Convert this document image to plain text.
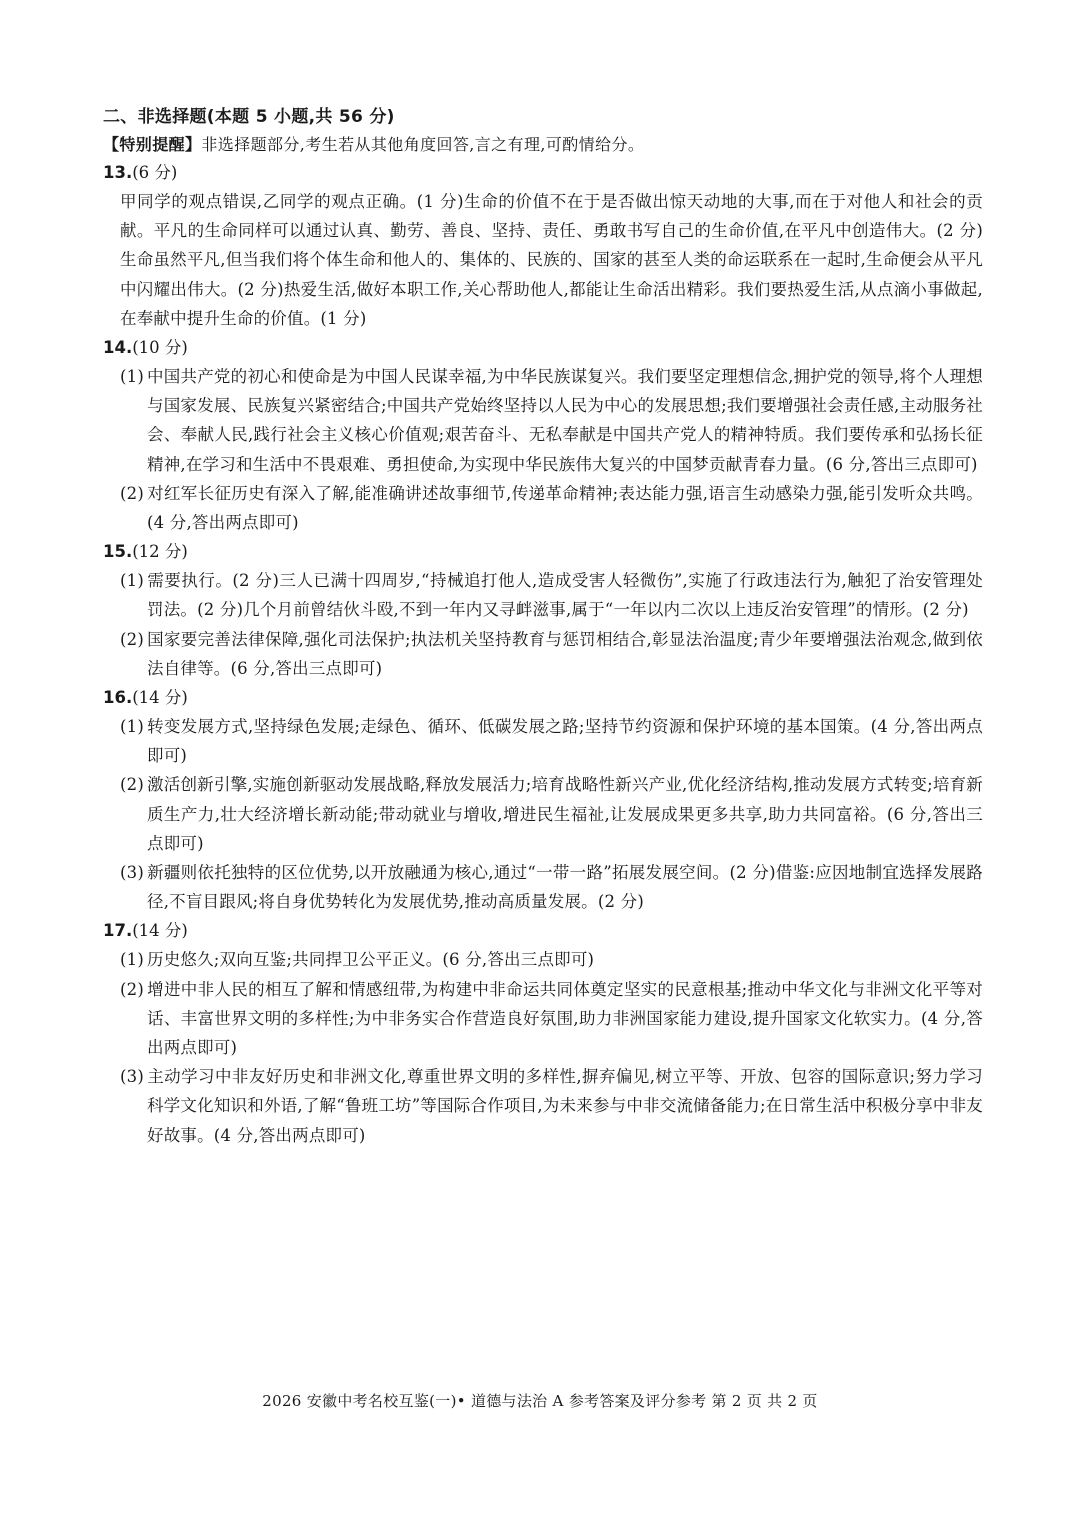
二、非选择题(本题 5 小题,共 56 分)

【特别提醒】非选择题部分,考生若从其他角度回答,言之有理,可酌情给分。

13.(6 分)

甲同学的观点错误,乙同学的观点正确。(1 分)生命的价值不在于是否做出惊天动地的大事,而在于对他人和社会的贡献。平凡的生命同样可以通过认真、勤劳、善良、坚持、责任、勇敢书写自己的生命价值,在平凡中创造伟大。(2 分)生命虽然平凡,但当我们将个体生命和他人的、集体的、民族的、国家的甚至人类的命运联系在一起时,生命便会从平凡中闪耀出伟大。(2 分)热爱生活,做好本职工作,关心帮助他人,都能让生命活出精彩。我们要热爱生活,从点滴小事做起,在奉献中提升生命的价值。(1 分)

14.(10 分)

(1) 中国共产党的初心和使命是为中国人民谋幸福,为中华民族谋复兴。我们要坚定理想信念,拥护党的领导,将个人理想与国家发展、民族复兴紧密结合;中国共产党始终坚持以人民为中心的发展思想;我们要增强社会责任感,主动服务社会、奉献人民,践行社会主义核心价值观;艰苦奋斗、无私奉献是中国共产党人的精神特质。我们要传承和弘扬长征精神,在学习和生活中不畏艰难、勇担使命,为实现中华民族伟大复兴的中国梦贡献青春力量。(6 分,答出三点即可)

(2) 对红军长征历史有深入了解,能准确讲述故事细节,传递革命精神;表达能力强,语言生动感染力强,能引发听众共鸣。(4 分,答出两点即可)

15.(12 分)

(1) 需要执行。(2 分)三人已满十四周岁,“持械追打他人,造成受害人轻微伤”,实施了行政违法行为,触犯了治安管理处罚法。(2 分)几个月前曾结伙斗殴,不到一年内又寻衅滋事,属于“一年以内二次以上违反治安管理”的情形。(2 分)

(2) 国家要完善法律保障,强化司法保护;执法机关坚持教育与惩罚相结合,彰显法治温度;青少年要增强法治观念,做到依法自律等。(6 分,答出三点即可)

16.(14 分)

(1) 转变发展方式,坚持绿色发展;走绿色、循环、低碳发展之路;坚持节约资源和保护环境的基本国策。(4 分,答出两点即可)

(2) 激活创新引擎,实施创新驱动发展战略,释放发展活力;培育战略性新兴产业,优化经济结构,推动发展方式转变;培育新质生产力,壮大经济增长新动能;带动就业与增收,增进民生福祉,让发展成果更多共享,助力共同富裕。(6 分,答出三点即可)

(3) 新疆则依托独特的区位优势,以开放融通为核心,通过“一带一路”拓展发展空间。(2 分)借鉴:应因地制宜选择发展路径,不盲目跟风;将自身优势转化为发展优势,推动高质量发展。(2 分)

17.(14 分)

(1) 历史悠久;双向互鉴;共同捍卫公平正义。(6 分,答出三点即可)

(2) 增进中非人民的相互了解和情感纽带,为构建中非命运共同体奠定坚实的民意根基;推动中华文化与非洲文化平等对话、丰富世界文明的多样性;为中非务实合作营造良好氛围,助力非洲国家能力建设,提升国家文化软实力。(4 分,答出两点即可)

(3) 主动学习中非友好历史和非洲文化,尊重世界文明的多样性,摒弃偏见,树立平等、开放、包容的国际意识;努力学习科学文化知识和外语,了解“鲁班工坊”等国际合作项目,为未来参与中非交流储备能力;在日常生活中积极分享中非友好故事。(4 分,答出两点即可)

2026 安徽中考名校互鉴(一)• 道德与法治 A 参考答案及评分参考 第 2 页 共 2 页
